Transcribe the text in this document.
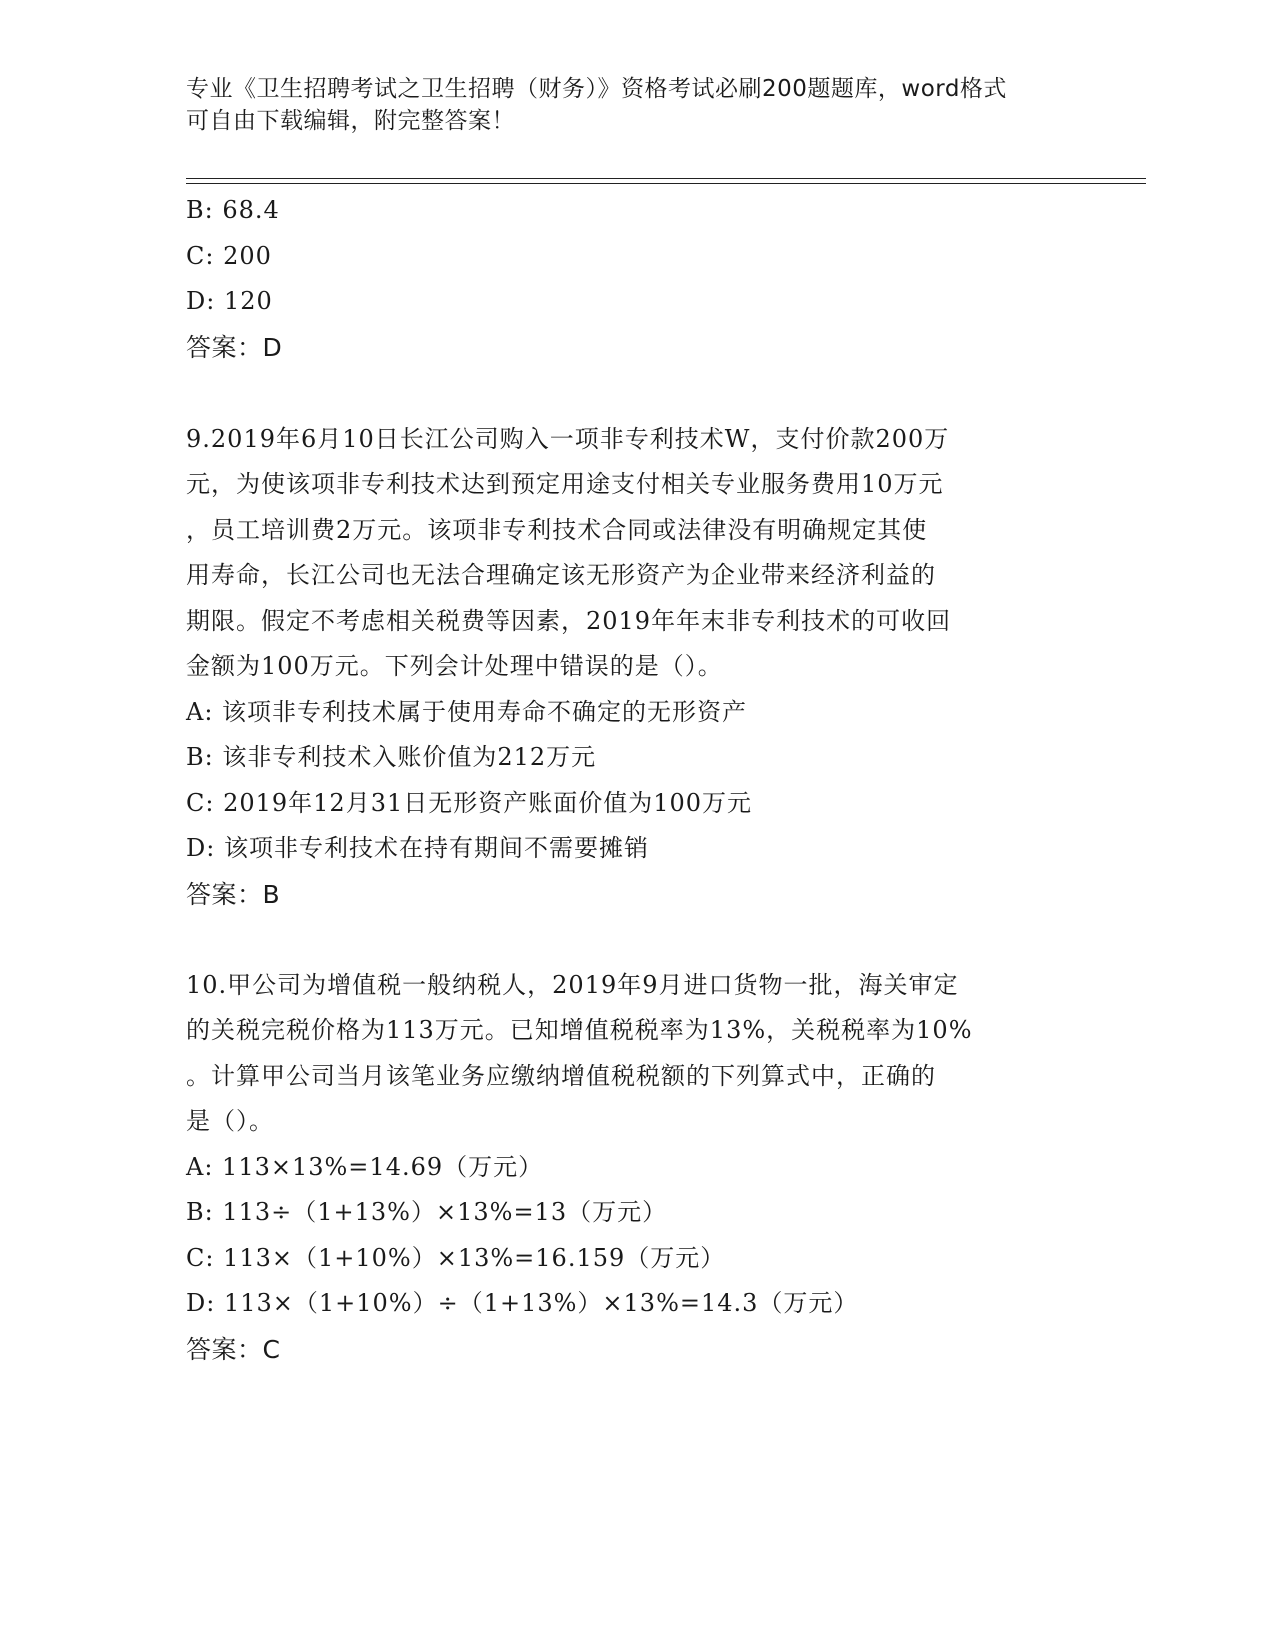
专业《卫生招聘考试之卫生招聘（财务）》资格考试必刷200题题库，word格式
可自由下载编辑，附完整答案！
B: 68.4
C: 200
D: 120
答案：D
9.2019年6月10日长江公司购入一项非专利技术W，支付价款200万
元，为使该项非专利技术达到预定用途支付相关专业服务费用10万元
，员工培训费2万元。该项非专利技术合同或法律没有明确规定其使
用寿命，长江公司也无法合理确定该无形资产为企业带来经济利益的
期限。假定不考虑相关税费等因素，2019年年末非专利技术的可收回
金额为100万元。下列会计处理中错误的是（）。
A: 该项非专利技术属于使用寿命不确定的无形资产
B: 该非专利技术入账价值为212万元
C: 2019年12月31日无形资产账面价值为100万元
D: 该项非专利技术在持有期间不需要摊销
答案：B
10.甲公司为增值税一般纳税人，2019年9月进口货物一批，海关审定
的关税完税价格为113万元。已知增值税税率为13%，关税税率为10%
。计算甲公司当月该笔业务应缴纳增值税税额的下列算式中，正确的
是（）。
A: 113×13%=14.69（万元）
B: 113÷（1+13%）×13%=13（万元）
C: 113×（1+10%）×13%=16.159（万元）
D: 113×（1+10%）÷（1+13%）×13%=14.3（万元）
答案：C
